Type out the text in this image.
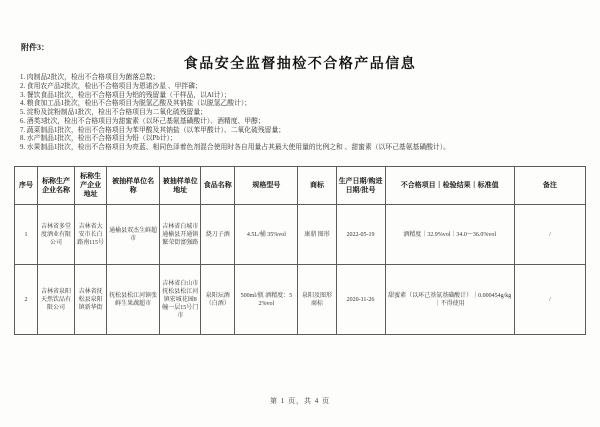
附件3：
食品安全监督抽检不合格产品信息
1. 肉制品2批次，检出不合格项目为菌落总数；
2. 食用农产品2批次，检出不合格项目为恩诺沙星 、甲拌磷；
3. 餐饮食品1批次，检出不合格项目为铝的残留量（干样品，以Al计）；
4. 粮食加工品1批次，检出不合格项目为脱氢乙酸及其钠盐（以脱氢乙酸计）；
5. 淀粉及淀粉制品1批次，检出不合格项目为二氧化硫残留量；
6. 酒类3批次，检出不合格项目为甜蜜素（以环己基氨基磺酸计）、酒精度、甲醇；
7. 蔬菜制品1批次，检出不合格项目为苯甲酸及其钠盐（以苯甲酸计）、二氧化硫残留量；
8. 水产制品1批次，检出不合格项目为铅（以Pb计）；
9. 水果制品1批次，检出不合格项目为亮蓝、相同色泽着色剂混合使用时各自用量占其最大使用量的比例之和 、甜蜜素（以环己基氨基磺酸计）。
序号	标称生产企业名称	标称生产企业地址	被抽样单位名称	被抽样单位地址	食品名称	规格型号	商标	生产日期/购进日期/批号	不合格项目｜检验结果｜标准值	备注
1	吉林省多堂度酒业有限公司	吉林省大安市长白路南115号	通榆县双杰生鲜超市	吉林省白城市通榆县开通镇繁荣街富强路	烧刀子酒	4.5L/桶 35%vol	康鼎 图形	2022-05-19	酒精度｜32.9%vol｜34.0～36.0%vol	/
2	吉林省泉阳天然饮品有限公司	吉林省抚松县泉阳镇新华街	抚松县松江河镇张鲜生果蔬超市	吉林省白山市抚松县松江河镇宏城花园8幢一层15号门市	泉阳坛酒（白酒）	500ml/瓶 酒精度：52%vol	泉阳及图形商标	2020-11-26	甜蜜素（以环己基氨基磺酸计）｜0.000454g/kg｜不得使用	/
第 1 页，共 4 页
